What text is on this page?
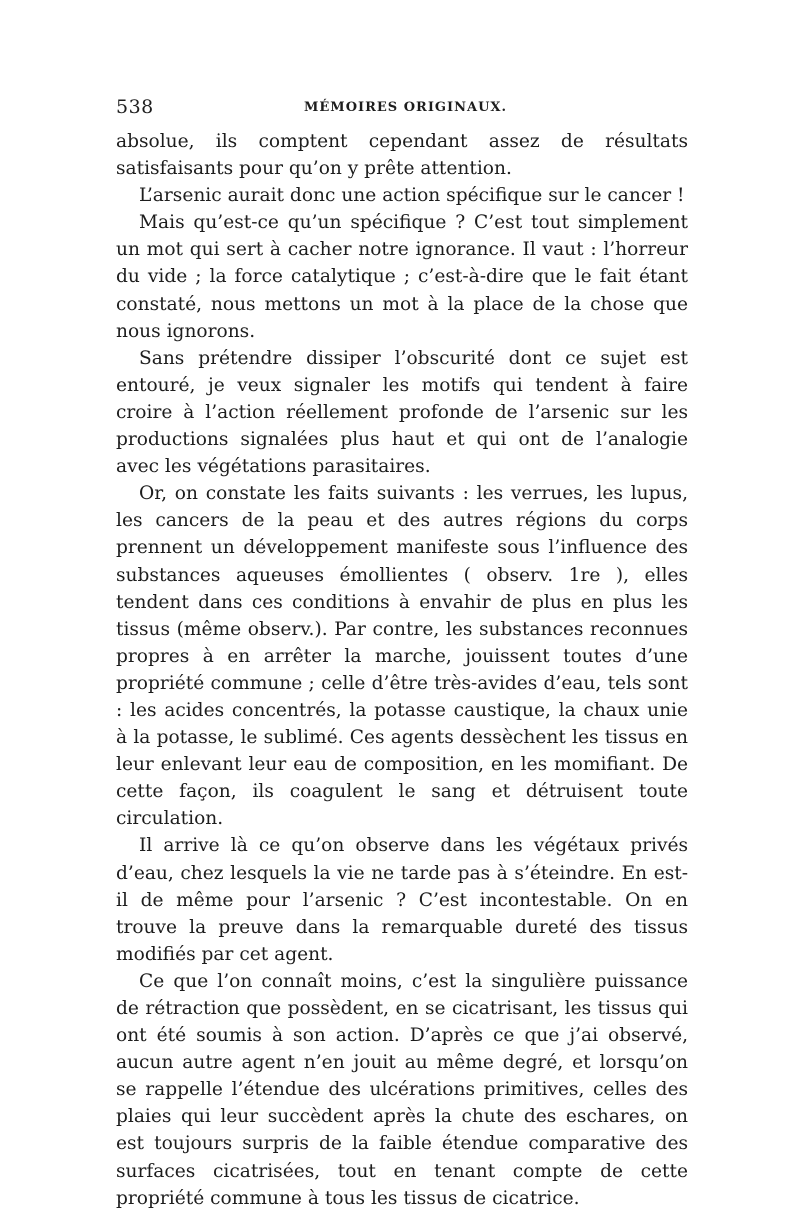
538	MÉMOIRES ORIGINAUX.

absolue, ils comptent cependant assez de résultats satisfaisants pour qu’on y prête attention.

L’arsenic aurait donc une action spécifique sur le cancer !

Mais qu’est-ce qu’un spécifique ? C’est tout simplement un mot qui sert à cacher notre ignorance. Il vaut : l’horreur du vide ; la force catalytique ; c’est-à-dire que le fait étant constaté, nous mettons un mot à la place de la chose que nous ignorons.

Sans prétendre dissiper l’obscurité dont ce sujet est entouré, je veux signaler les motifs qui tendent à faire croire à l’action réellement profonde de l’arsenic sur les productions signalées plus haut et qui ont de l’analogie avec les végétations parasitaires.

Or, on constate les faits suivants : les verrues, les lupus, les cancers de la peau et des autres régions du corps prennent un développement manifeste sous l’influence des substances aqueuses émollientes ( observ. 1re ), elles tendent dans ces conditions à envahir de plus en plus les tissus (même observ.). Par contre, les substances reconnues propres à en arrêter la marche, jouissent toutes d’une propriété commune ; celle d’être très-avides d’eau, tels sont : les acides concentrés, la potasse caustique, la chaux unie à la potasse, le sublimé. Ces agents dessèchent les tissus en leur enlevant leur eau de composition, en les momifiant. De cette façon, ils coagulent le sang et détruisent toute circulation.

Il arrive là ce qu’on observe dans les végétaux privés d’eau, chez lesquels la vie ne tarde pas à s’éteindre. En est-il de même pour l’arsenic ? C’est incontestable. On en trouve la preuve dans la remarquable dureté des tissus modifiés par cet agent.

Ce que l’on connaît moins, c’est la singulière puissance de rétraction que possèdent, en se cicatrisant, les tissus qui ont été soumis à son action. D’après ce que j’ai observé, aucun autre agent n’en jouit au même degré, et lorsqu’on se rappelle l’étendue des ulcérations primitives, celles des plaies qui leur succèdent après la chute des eschares, on est toujours surpris de la faible étendue comparative des surfaces cicatrisées, tout en tenant compte de cette propriété commune à tous les tissus de cicatrice.
